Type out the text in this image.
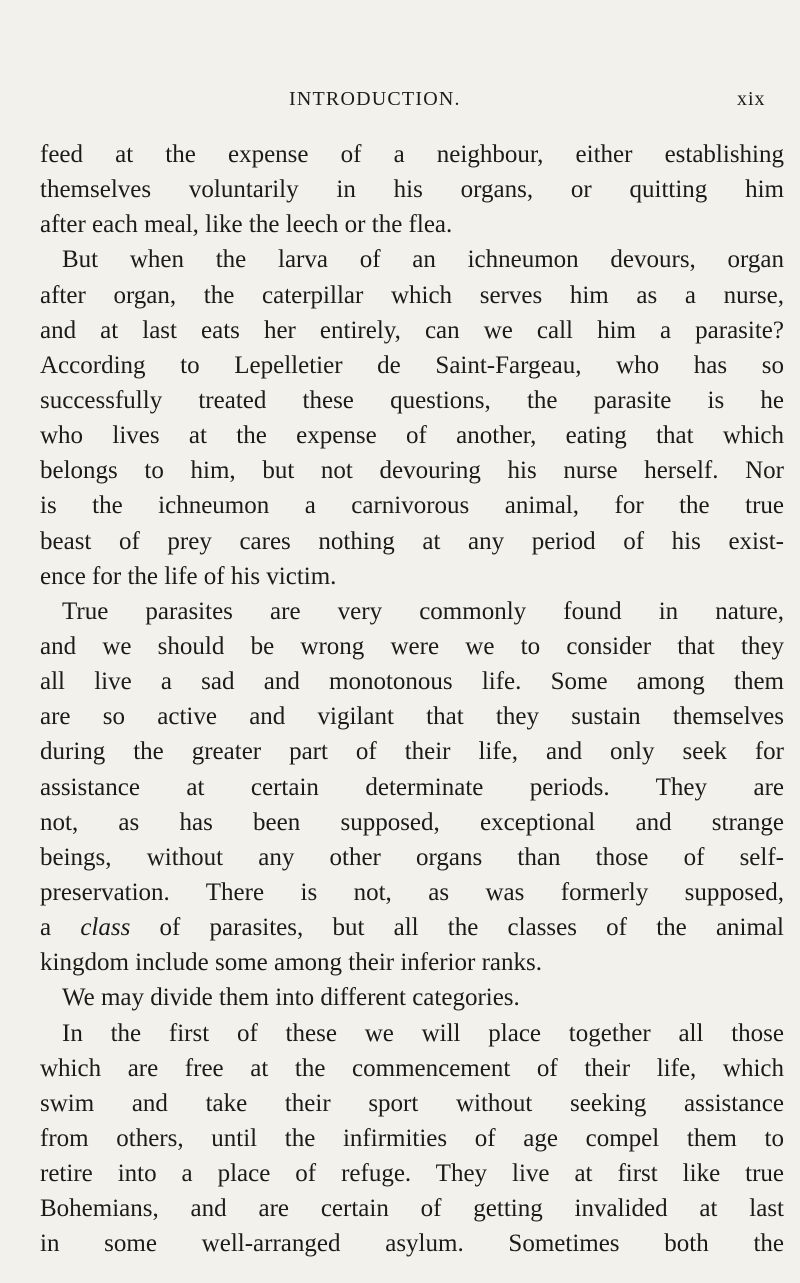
INTRODUCTION.	xix
feed at the expense of a neighbour, either establishing
themselves voluntarily in his organs, or quitting him
after each meal, like the leech or the flea.
But when the larva of an ichneumon devours, organ
after organ, the caterpillar which serves him as a nurse,
and at last eats her entirely, can we call him a parasite?
According to Lepelletier de Saint-Fargeau, who has so
successfully treated these questions, the parasite is he
who lives at the expense of another, eating that which
belongs to him, but not devouring his nurse herself. Nor
is the ichneumon a carnivorous animal, for the true
beast of prey cares nothing at any period of his exist-
ence for the life of his victim.
True parasites are very commonly found in nature,
and we should be wrong were we to consider that they
all live a sad and monotonous life. Some among them
are so active and vigilant that they sustain themselves
during the greater part of their life, and only seek for
assistance at certain determinate periods. They are
not, as has been supposed, exceptional and strange
beings, without any other organs than those of self-
preservation. There is not, as was formerly supposed,
a class of parasites, but all the classes of the animal
kingdom include some among their inferior ranks.
We may divide them into different categories.
In the first of these we will place together all those
which are free at the commencement of their life, which
swim and take their sport without seeking assistance
from others, until the infirmities of age compel them to
retire into a place of refuge. They live at first like true
Bohemians, and are certain of getting invalided at last
in some well-arranged asylum. Sometimes both the
